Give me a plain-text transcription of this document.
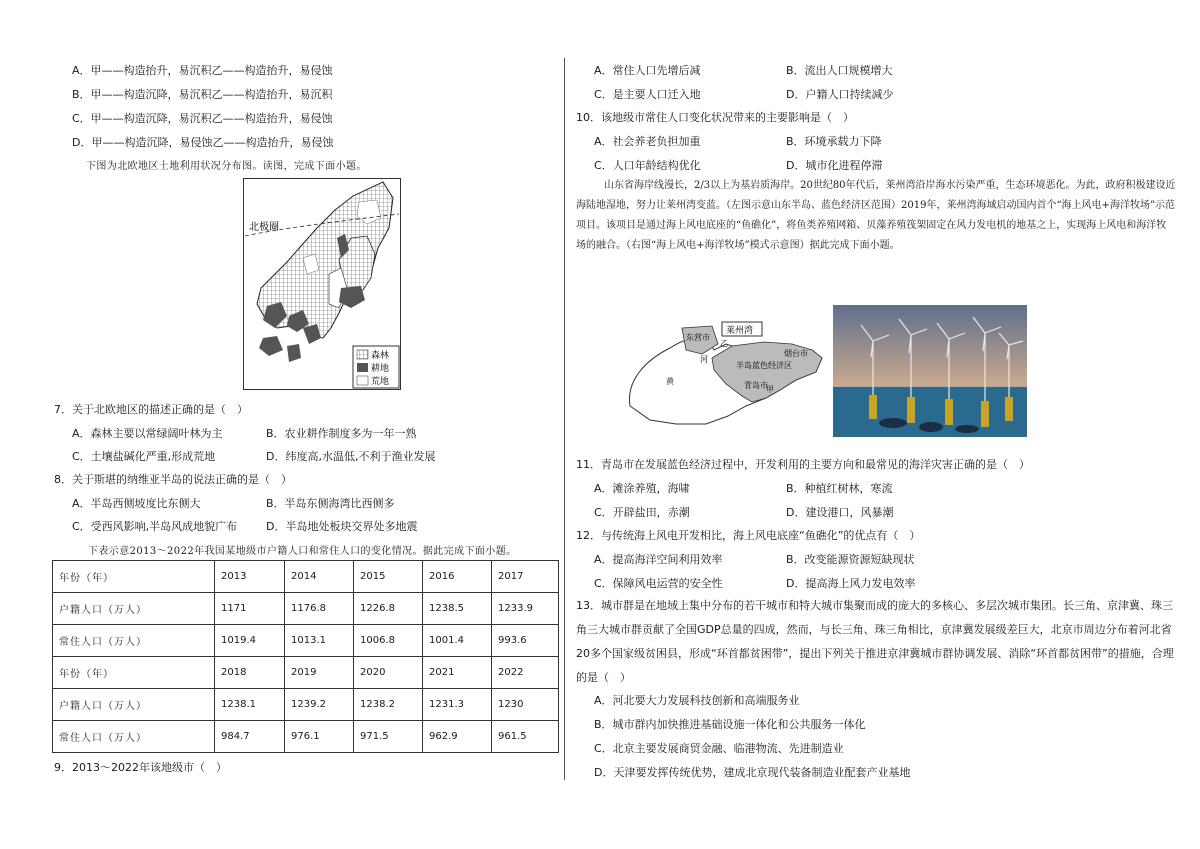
A．甲——构造抬升，易沉积乙——构造抬升，易侵蚀
B．甲——构造沉降，易沉积乙——构造抬升，易沉积
C．甲——构造沉降，易沉积乙——构造抬升，易侵蚀
D．甲——构造沉降，易侵蚀乙——构造抬升，易侵蚀
下图为北欧地区土地利用状况分布图。读图，完成下面小题。
北极圈
森林
耕地
荒地
7．关于北欧地区的描述正确的是（　）
A．森林主要以常绿阔叶林为主	B．农业耕作制度多为一年一熟
C．土壤盐碱化严重,形成荒地	D．纬度高,水温低,不利于渔业发展
8．关于斯堪的纳维亚半岛的说法正确的是（　）
A．半岛西侧坡度比东侧大	B．半岛东侧海湾比西侧多
C．受西风影响,半岛风成地貌广布	D．半岛地处板块交界处多地震
下表示意2013～2022年我国某地级市户籍人口和常住人口的变化情况。据此完成下面小题。
年份（年）	2013	2014	2015	2016	2017
户籍人口（万人）	1171	1176.8	1226.8	1238.5	1233.9
常住人口（万人）	1019.4	1013.1	1006.8	1001.4	993.6
年份（年）	2018	2019	2020	2021	2022
户籍人口（万人）	1238.1	1239.2	1238.2	1231.3	1230
常住人口（万人）	984.7	976.1	971.5	962.9	961.5
9．2013～2022年该地级市（　）
A．常住人口先增后减	B．流出人口规模增大
C．是主要人口迁入地	D．户籍人口持续减少
10．该地级市常住人口变化状况带来的主要影响是（　）
A．社会养老负担加重	B．环境承载力下降
C．人口年龄结构优化	D．城市化进程停滞
山东省海岸线漫长，2/3以上为基岩质海岸。20世纪80年代后，莱州湾沿岸海水污染严重，生态环境恶化。为此，政府积极建设近海陆地湿地，努力让莱州湾变蓝。（左图示意山东半岛、蓝色经济区范围）2019年，莱州湾海域启动国内首个“海上风电+海洋牧场”示范项目。该项目是通过海上风电底座的“鱼礁化”，将鱼类养殖网箱、贝藻养殖筏架固定在风力发电机的地基之上，实现海上风电和海洋牧场的融合。（右图“海上风电+海洋牧场”模式示意图）据此完成下面小题。
莱州湾
东营市
乙
烟台市
河
半岛蓝色经济区
黄	青岛市
甲
11．青岛市在发展蓝色经济过程中，开发利用的主要方向和最常见的海洋灾害正确的是（　）
A．滩涂养殖，海啸	B．种植红树林，寒流
C．开辟盐田，赤潮	D．建设港口，风暴潮
12．与传统海上风电开发相比，海上风电底座“鱼礁化”的优点有（　）
A．提高海洋空间利用效率	B．改变能源资源短缺现状
C．保障风电运营的安全性	D．提高海上风力发电效率
13．城市群是在地域上集中分布的若干城市和特大城市集聚而成的庞大的多核心、多层次城市集团。长三角、京津冀、珠三角三大城市群贡献了全国GDP总量的四成，然而，与长三角、珠三角相比，京津冀发展级差巨大，北京市周边分布着河北省20多个国家级贫困县，形成“环首都贫困带”，提出下列关于推进京津冀城市群协调发展、消除“环首都贫困带”的措施，合理的是（　）
A．河北要大力发展科技创新和高端服务业
B．城市群内加快推进基础设施一体化和公共服务一体化
C．北京主要发展商贸金融、临港物流、先进制造业
D．天津要发挥传统优势，建成北京现代装备制造业配套产业基地
